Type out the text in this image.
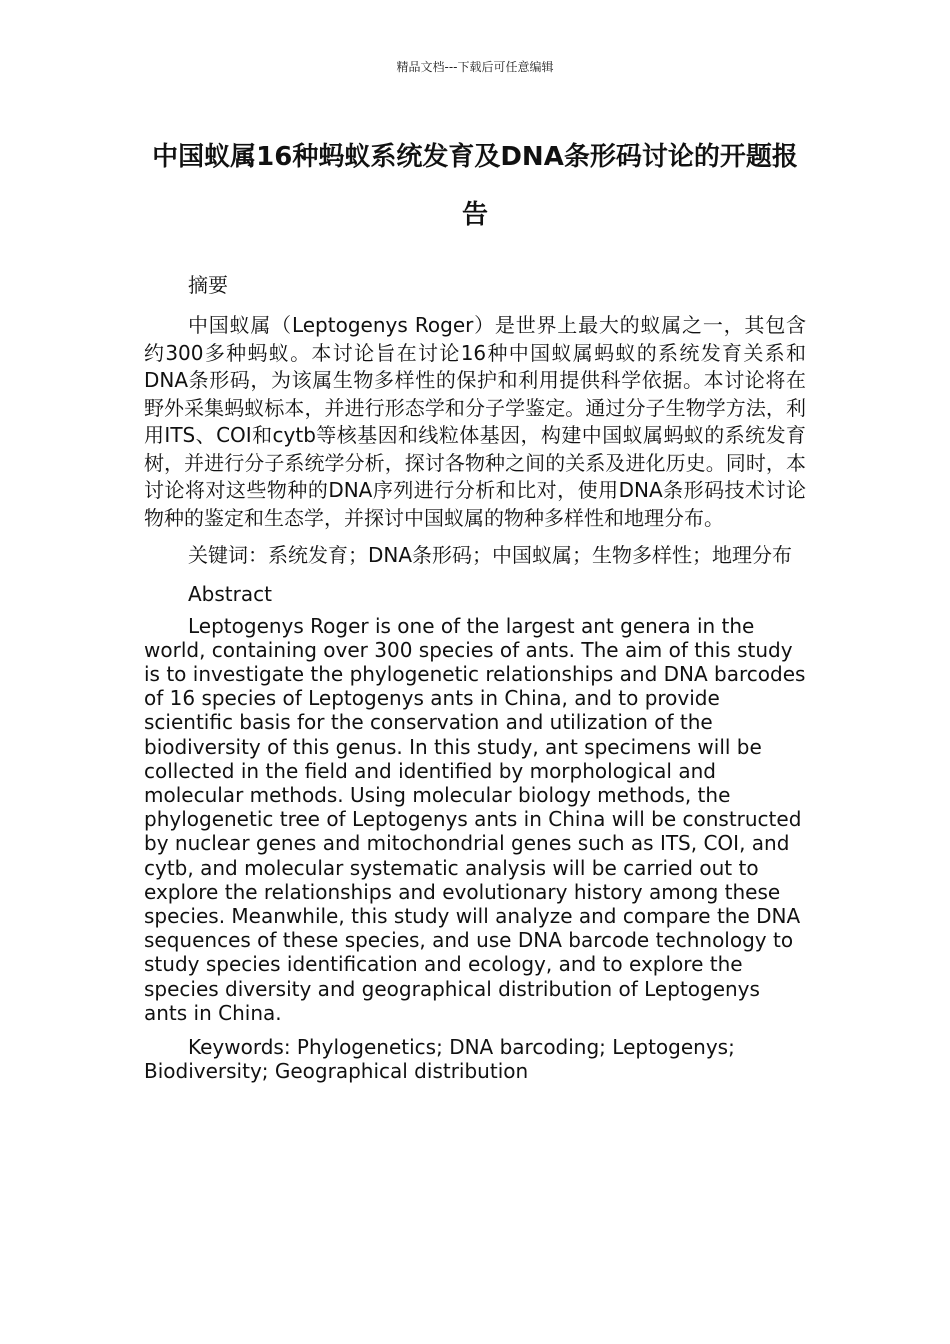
精品文档---下载后可任意编辑
中国蚁属16种蚂蚁系统发育及DNA条形码讨论的开题报告

摘要

中国蚁属（Leptogenys Roger）是世界上最大的蚁属之一，其包含约300多种蚂蚁。本讨论旨在讨论16种中国蚁属蚂蚁的系统发育关系和DNA条形码，为该属生物多样性的保护和利用提供科学依据。本讨论将在野外采集蚂蚁标本，并进行形态学和分子学鉴定。通过分子生物学方法，利用ITS、COI和cytb等核基因和线粒体基因，构建中国蚁属蚂蚁的系统发育树，并进行分子系统学分析，探讨各物种之间的关系及进化历史。同时，本讨论将对这些物种的DNA序列进行分析和比对，使用DNA条形码技术讨论物种的鉴定和生态学，并探讨中国蚁属的物种多样性和地理分布。

关键词：系统发育；DNA条形码；中国蚁属；生物多样性；地理分布

Abstract

Leptogenys Roger is one of the largest ant genera in the world, containing over 300 species of ants. The aim of this study is to investigate the phylogenetic relationships and DNA barcodes of 16 species of Leptogenys ants in China, and to provide scientific basis for the conservation and utilization of the biodiversity of this genus. In this study, ant specimens will be collected in the field and identified by morphological and molecular methods. Using molecular biology methods, the phylogenetic tree of Leptogenys ants in China will be constructed by nuclear genes and mitochondrial genes such as ITS, COI, and cytb, and molecular systematic analysis will be carried out to explore the relationships and evolutionary history among these species. Meanwhile, this study will analyze and compare the DNA sequences of these species, and use DNA barcode technology to study species identification and ecology, and to explore the species diversity and geographical distribution of Leptogenys ants in China.

Keywords: Phylogenetics; DNA barcoding; Leptogenys; Biodiversity; Geographical distribution
